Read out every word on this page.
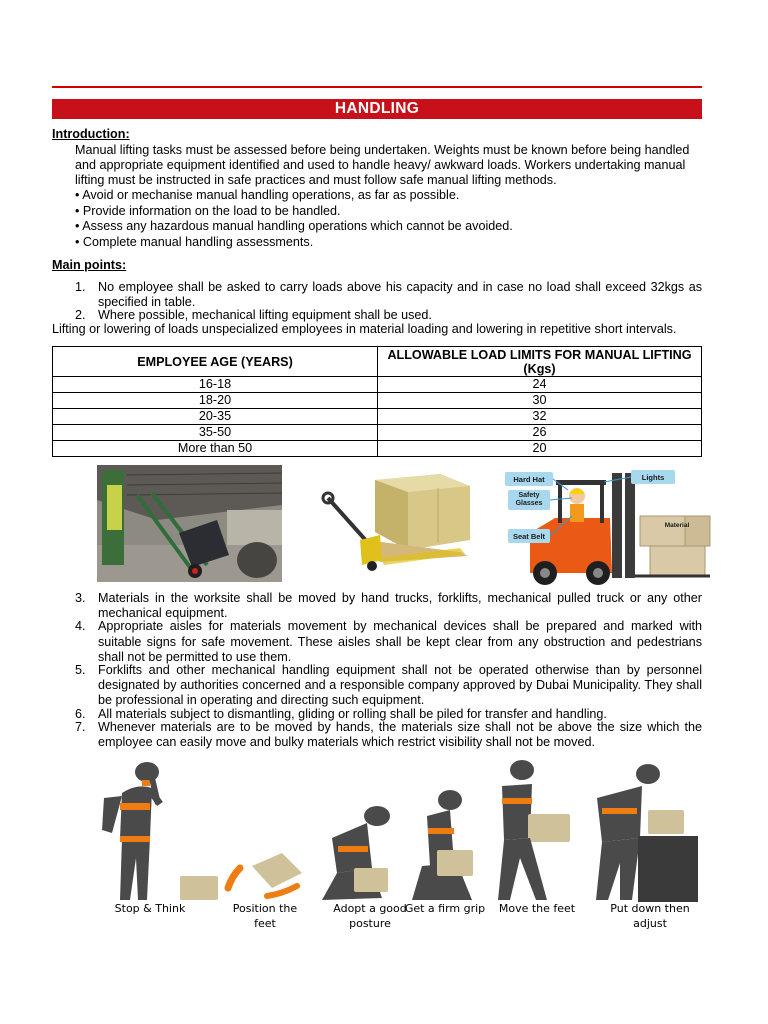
HANDLING
Introduction:
Manual lifting tasks must be assessed before being undertaken. Weights must be known before being handled and appropriate equipment identified and used to handle heavy/ awkward loads. Workers undertaking manual lifting must be instructed in safe practices and must follow safe manual lifting methods.
• Avoid or mechanise manual handling operations, as far as possible.
• Provide information on the load to be handled.
• Assess any hazardous manual handling operations which cannot be avoided.
• Complete manual handling assessments.
Main points:
1. No employee shall be asked to carry loads above his capacity and in case no load shall exceed 32kgs as specified in table.
2. Where possible, mechanical lifting equipment shall be used.
Lifting or lowering of loads unspecialized employees in material loading and lowering in repetitive short intervals.
EMPLOYEE AGE (YEARS)	ALLOWABLE LOAD LIMITS FOR MANUAL LIFTING (Kgs)
16-18	24
18-20	30
20-35	32
35-50	26
More than 50	20
Hard Hat	Lights
Safety Glasses
Seat Belt
Material
3. Materials in the worksite shall be moved by hand trucks, forklifts, mechanical pulled truck or any other mechanical equipment.
4. Appropriate aisles for materials movement by mechanical devices shall be prepared and marked with suitable signs for safe movement. These aisles shall be kept clear from any obstruction and pedestrians shall not be permitted to use them.
5. Forklifts and other mechanical handling equipment shall not be operated otherwise than by personnel designated by authorities concerned and a responsible company approved by Dubai Municipality. They shall be professional in operating and directing such equipment.
6. All materials subject to dismantling, gliding or rolling shall be piled for transfer and handling.
7. Whenever materials are to be moved by hands, the materials size shall not be above the size which the employee can easily move and bulky materials which restrict visibility shall not be moved.
Stop & Think	Position the feet
Adopt a good posture
Get a firm grip	Move the feet	Put down then adjust
